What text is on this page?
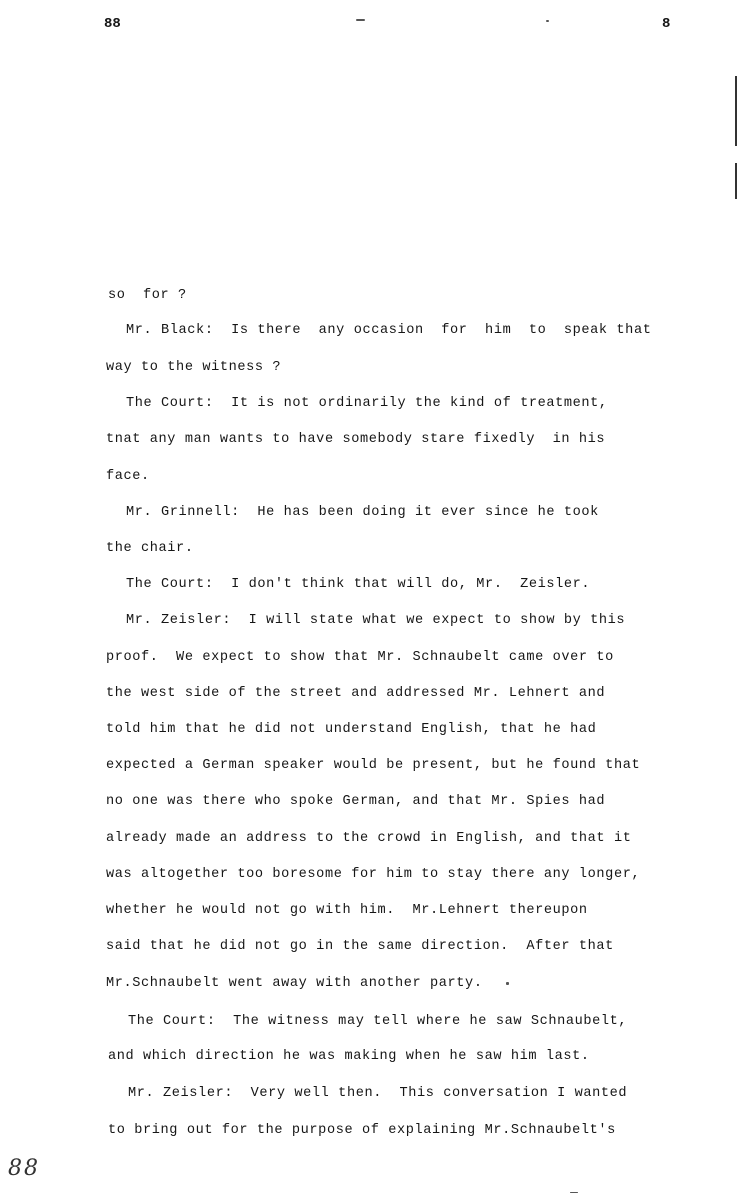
88	8
so  for ?
Mr. Black:  Is there  any occasion  for  him  to  speak that
way to the witness ?
The Court:  It is not ordinarily the kind of treatment,
tnat any man wants to have somebody stare fixedly  in his
face.
Mr. Grinnell:  He has been doing it ever since he took
the chair.
The Court:  I don't think that will do, Mr.  Zeisler.
Mr. Zeisler:  I will state what we expect to show by this
proof.  We expect to show that Mr. Schnaubelt came over to
the west side of the street and addressed Mr. Lehnert and
told him that he did not understand English, that he had
expected a German speaker would be present, but he found that
no one was there who spoke German, and that Mr. Spies had
already made an address to the crowd in English, and that it
was altogether too boresome for him to stay there any longer,
whether he would not go with him.  Mr.Lehnert thereupon
said that he did not go in the same direction.  After that
Mr.Schnaubelt went away with another party.
The Court:  The witness may tell where he saw Schnaubelt,
and which direction he was making when he saw him last.
Mr. Zeisler:  Very well then.  This conversation I wanted
to bring out for the purpose of explaining Mr.Schnaubelt's
88
